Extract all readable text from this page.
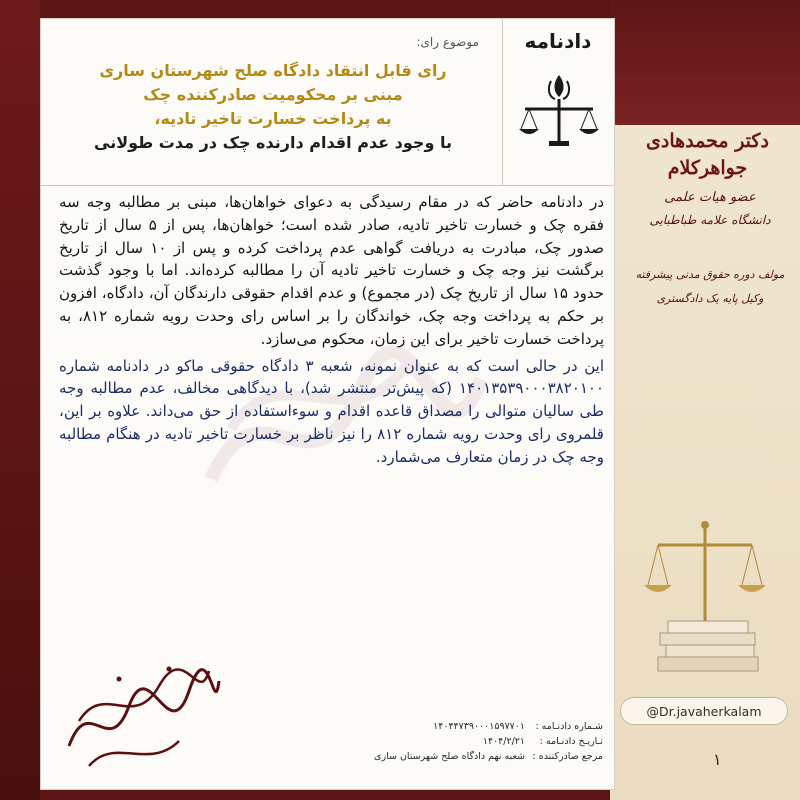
دکتر محمدهادی جواهرکلام
عضو هیات علمی
دانشگاه علامه طباطبایی
مولف دوره حقوق مدنی پیشرفته
وکیل پایه یک دادگستری
@Dr.javaherkalam
۱
دادنامه
موضوع رای:
رای قابل انتقاد دادگاه صلح شهرستان ساری
مبنی بر محکومیت صادرکننده چک
به پرداخت خسارت تاخیر تادیه،
با وجود عدم اقدام دارنده چک در مدت طولانی

در دادنامه حاضر که در مقام رسیدگی به دعوای خواهان‌ها، مبنی بر مطالبه وجه سه فقره چک و خسارت تاخیر تادیه، صادر شده است؛ خواهان‌ها، پس از ۵ سال از تاریخ صدور چک، مبادرت به دریافت گواهی عدم پرداخت کرده و پس از ۱۰ سال از تاریخ برگشت نیز وجه چک و خسارت تاخیر تادیه آن را مطالبه کرده‌اند. اما با وجود گذشت حدود ۱۵ سال از تاریخ چک (در مجموع) و عدم اقدام حقوقی دارندگان آن، دادگاه، افزون بر حکم به پرداخت وجه چک، خواندگان را بر اساس رای وحدت رویه شماره ۸۱۲، به پرداخت خسارت تاخیر برای این زمان، محکوم می‌سازد.

این در حالی است که به عنوان نمونه، شعبه ۳ دادگاه حقوقی ماکو در دادنامه شماره ۱۴۰۱۳۵۳۹۰۰۰۳۸۲۰۱۰۰ (که پیش‌تر منتشر شد)، با دیدگاهی مخالف، عدم مطالبه وجه طی سالیان متوالی را مصداق قاعده اقدام و سوءاستفاده از حق می‌داند. علاوه بر این، قلمروی رای وحدت رویه شماره ۸۱۲ را نیز ناظر بر خسارت تاخیر تادیه در هنگام مطالبه وجه چک در زمان متعارف می‌شمارد.

شـماره دادنـامه :
۱۴۰۴۴۷۳۹۰۰۰۱۵۹۷۷۰۱
تـاریـخ دادنـامه :
۱۴۰۴/۲/۲۱
مرجع صادرکننده :
شعبه نهم دادگاه صلح شهرستان ساری
